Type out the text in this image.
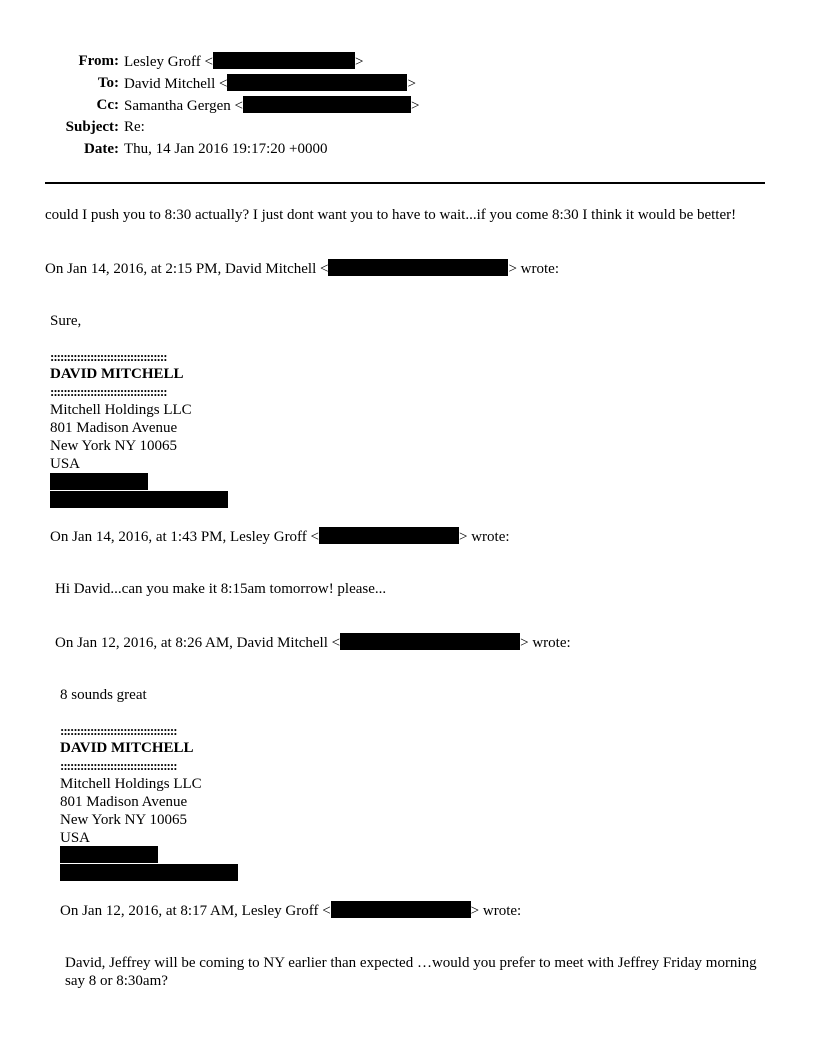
From: Lesley Groff <	>
To: David Mitchell <	>
Cc: Samantha Gergen <	>
Subject: Re:
Date: Thu, 14 Jan 2016 19:17:20 +0000
could I push you to 8:30 actually? I just dont want you to have to wait...if you come 8:30 I think it would be better!
On Jan 14, 2016, at 2:15 PM, David Mitchell <	> wrote:
Sure,
:::::::::::::::::::::::::::::::::::
DAVID MITCHELL
:::::::::::::::::::::::::::::::::::
Mitchell Holdings LLC
801 Madison Avenue
New York NY 10065
USA
On Jan 14, 2016, at 1:43 PM, Lesley Groff <	> wrote:
Hi David...can you make it 8:15am tomorrow! please...
On Jan 12, 2016, at 8:26 AM, David Mitchell <	> wrote:
8 sounds great
:::::::::::::::::::::::::::::::::::
DAVID MITCHELL
:::::::::::::::::::::::::::::::::::
Mitchell Holdings LLC
801 Madison Avenue
New York NY 10065
USA
On Jan 12, 2016, at 8:17 AM, Lesley Groff <	> wrote:
David, Jeffrey will be coming to NY earlier than expected …would you prefer to meet with Jeffrey Friday morning say 8 or 8:30am?
